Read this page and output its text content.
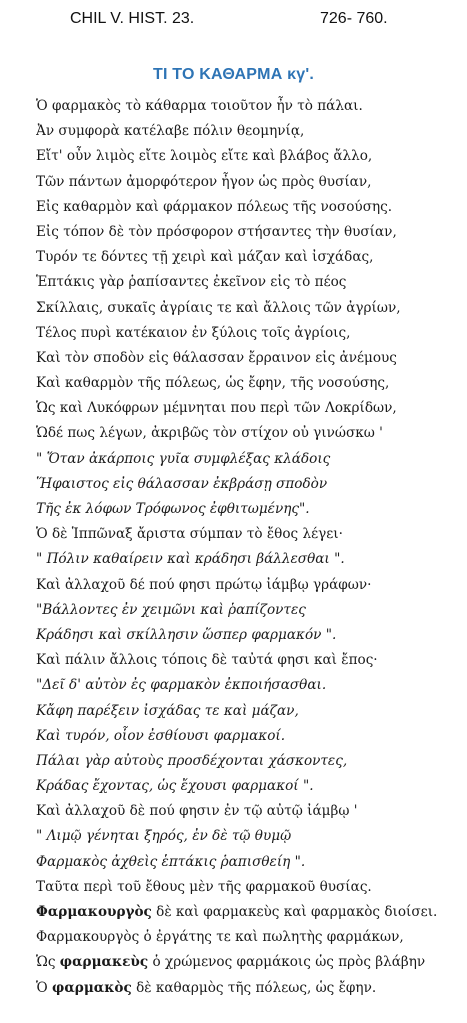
CHIL V. HIST. 23.	726- 760.
ΤΙ ΤΟ ΚΑΘΑΡΜΑ κγ'.
Ὁ φαρμακὸς τὸ κάθαρμα τοιοῦτον ἦν τὸ πάλαι.
Ἀν συμφορὰ κατέλαβε πόλιν θεομηνίᾳ,
Εἴτ' οὖν λιμὸς εἴτε λοιμὸς εἴτε καὶ βλάβος ἄλλο,
Τῶν πάντων ἀμορφότερον ἦγον ὡς πρὸς θυσίαν,
Εἰς καθαρμὸν καὶ φάρμακον πόλεως τῆς νοσούσης.
Εἰς τόπον δὲ τὸν πρόσφορον στήσαντες τὴν θυσίαν,
Τυρόν τε δόντες τῇ χειρὶ καὶ μάζαν καὶ ἰσχάδας,
Ἑπτάκις γὰρ ῥαπίσαντες ἐκεῖνον εἰς τὸ πέος
Σκίλλαις, συκαῖς ἀγρίαις τε καὶ ἄλλοις τῶν ἀγρίων,
Τέλος πυρὶ κατέκαιον ἐν ξύλοις τοῖς ἀγρίοις,
Καὶ τὸν σποδὸν εἰς θάλασσαν ἔρραινον εἰς ἀνέμους
Καὶ καθαρμὸν τῆς πόλεως, ὡς ἔφην, τῆς νοσούσης,
Ὡς καὶ Λυκόφρων μέμνηται που περὶ τῶν Λοκρίδων,
Ὡδέ πως λέγων, ἀκριβῶς τὸν στίχον οὐ γινώσκω '
" Ὅταν ἀκάρποις γυῖα συμφλέξας κλάδοις
Ἥφαιστος εἰς θάλασσαν ἐκβράσῃ σποδὸν
Τῆς ἐκ λόφων Τρόφωνος ἐφθιτωμένης".
Ὁ δὲ Ἱππῶναξ ἄριστα σύμπαν τὸ ἔθος λέγει·
" Πόλιν καθαίρειν καὶ κράδησι βάλλεσθαι ".
Καὶ ἀλλαχοῦ δέ πού φησι πρώτῳ ἰάμβῳ γράφων·
"Βάλλοντες ἐν χειμῶνι καὶ ῥαπίζοντες
Κράδησι καὶ σκίλλησιν ὥσπερ φαρμακόν ".
Καὶ πάλιν ἄλλοις τόποις δὲ ταὐτά φησι καὶ ἔπος·
"Δεῖ δ' αὐτὸν ἐς φαρμακὸν ἐκποιήσασθαι.
Κἄφη παρέξειν ἰσχάδας τε καὶ μάζαν,
Καὶ τυρόν, οἷον ἐσθίουσι φαρμακοί.
Πάλαι γὰρ αὐτοὺς προσδέχονται χάσκοντες,
Κράδας ἔχοντας, ὡς ἔχουσι φαρμακοί ".
Καὶ ἀλλαχοῦ δὲ πού φησιν ἐν τῷ αὐτῷ ἰάμβῳ '
" Λιμῷ γένηται ξηρός, ἐν δὲ τῷ θυμῷ
Φαρμακὸς ἀχθεὶς ἑπτάκις ῥαπισθείη ".
Ταῦτα περὶ τοῦ ἔθους μὲν τῆς φαρμακοῦ θυσίας.
Φαρμακουργὸς δὲ καὶ φαρμακεὺς καὶ φαρμακὸς διοίσει.
Φαρμακουργὸς ὁ ἐργάτης τε καὶ πωλητὴς φαρμάκων,
Ὡς φαρμακεὺς ὁ χρώμενος φαρμάκοις ὡς πρὸς βλάβην
Ὁ φαρμακὸς δὲ καθαρμὸς τῆς πόλεως, ὡς ἔφην.
